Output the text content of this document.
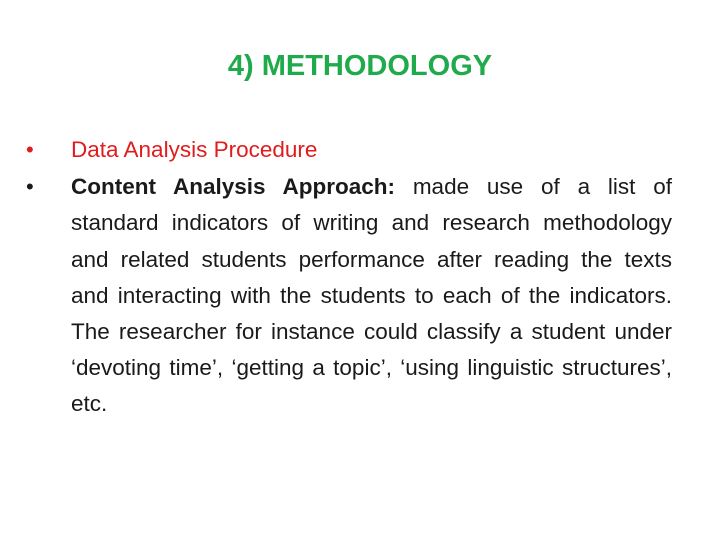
4) METHODOLOGY
•	Data Analysis Procedure
•	Content Analysis Approach: made use of a list of standard indicators of writing and research methodology and related students performance after reading the texts and interacting with the students to each of the indicators. The researcher for instance could classify a student under ‘devoting time’, ‘getting a topic’, ‘using linguistic structures’, etc.
